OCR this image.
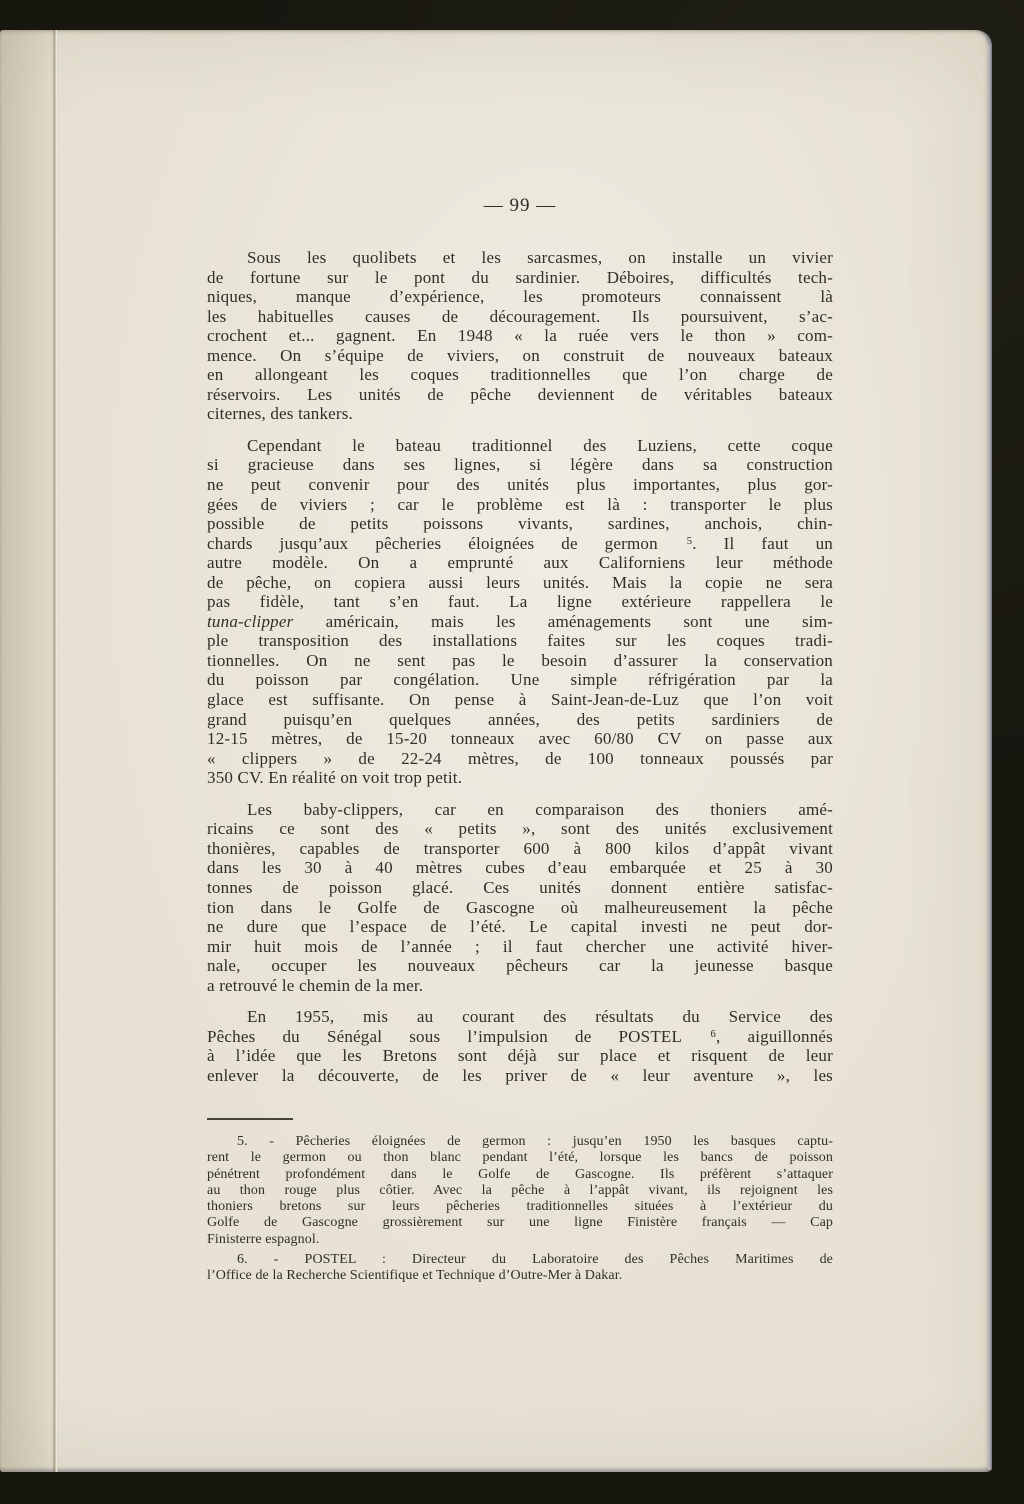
— 99 —

Sous les quolibets et les sarcasmes, on installe un vivier
de fortune sur le pont du sardinier. Déboires, difficultés tech-
niques, manque d’expérience, les promoteurs connaissent là
les habituelles causes de découragement. Ils poursuivent, s’ac-
crochent et... gagnent. En 1948 « la ruée vers le thon » com-
mence. On s’équipe de viviers, on construit de nouveaux bateaux
en allongeant les coques traditionnelles que l’on charge de
réservoirs. Les unités de pêche deviennent de véritables bateaux
citernes, des tankers.

Cependant le bateau traditionnel des Luziens, cette coque
si gracieuse dans ses lignes, si légère dans sa construction
ne peut convenir pour des unités plus importantes, plus gor-
gées de viviers ; car le problème est là : transporter le plus
possible de petits poissons vivants, sardines, anchois, chin-
chards jusqu’aux pêcheries éloignées de germon $^5$. Il faut un
autre modèle. On a emprunté aux Californiens leur méthode
de pêche, on copiera aussi leurs unités. Mais la copie ne sera
pas fidèle, tant s’en faut. La ligne extérieure rappellera le
tuna-clipper américain, mais les aménagements sont une sim-
ple transposition des installations faites sur les coques tradi-
tionnelles. On ne sent pas le besoin d’assurer la conservation
du poisson par congélation. Une simple réfrigération par la
glace est suffisante. On pense à Saint-Jean-de-Luz que l’on voit
grand puisqu’en quelques années, des petits sardiniers de
12-15 mètres, de 15-20 tonneaux avec 60/80 CV on passe aux
« clippers » de 22-24 mètres, de 100 tonneaux poussés par
350 CV. En réalité on voit trop petit.

Les baby-clippers, car en comparaison des thoniers amé-
ricains ce sont des « petits », sont des unités exclusivement
thonières, capables de transporter 600 à 800 kilos d’appât vivant
dans les 30 à 40 mètres cubes d’eau embarquée et 25 à 30
tonnes de poisson glacé. Ces unités donnent entière satisfac-
tion dans le Golfe de Gascogne où malheureusement la pêche
ne dure que l’espace de l’été. Le capital investi ne peut dor-
mir huit mois de l’année ; il faut chercher une activité hiver-
nale, occuper les nouveaux pêcheurs car la jeunesse basque
a retrouvé le chemin de la mer.

En 1955, mis au courant des résultats du Service des
Pêches du Sénégal sous l’impulsion de POSTEL $^6$, aiguillonnés
à l’idée que les Bretons sont déjà sur place et risquent de leur
enlever la découverte, de les priver de « leur aventure », les

5. - Pêcheries éloignées de germon : jusqu’en 1950 les basques captu-
rent le germon ou thon blanc pendant l’été, lorsque les bancs de poisson
pénétrent profondément dans le Golfe de Gascogne. Ils préfèrent s’attaquer
au thon rouge plus côtier. Avec la pêche à l’appât vivant, ils rejoignent les
thoniers bretons sur leurs pêcheries traditionnelles situées à l’extérieur du
Golfe de Gascogne grossièrement sur une ligne Finistère français — Cap
Finisterre espagnol.

6. - POSTEL : Directeur du Laboratoire des Pêches Maritimes de
l’Office de la Recherche Scientifique et Technique d’Outre-Mer à Dakar.
